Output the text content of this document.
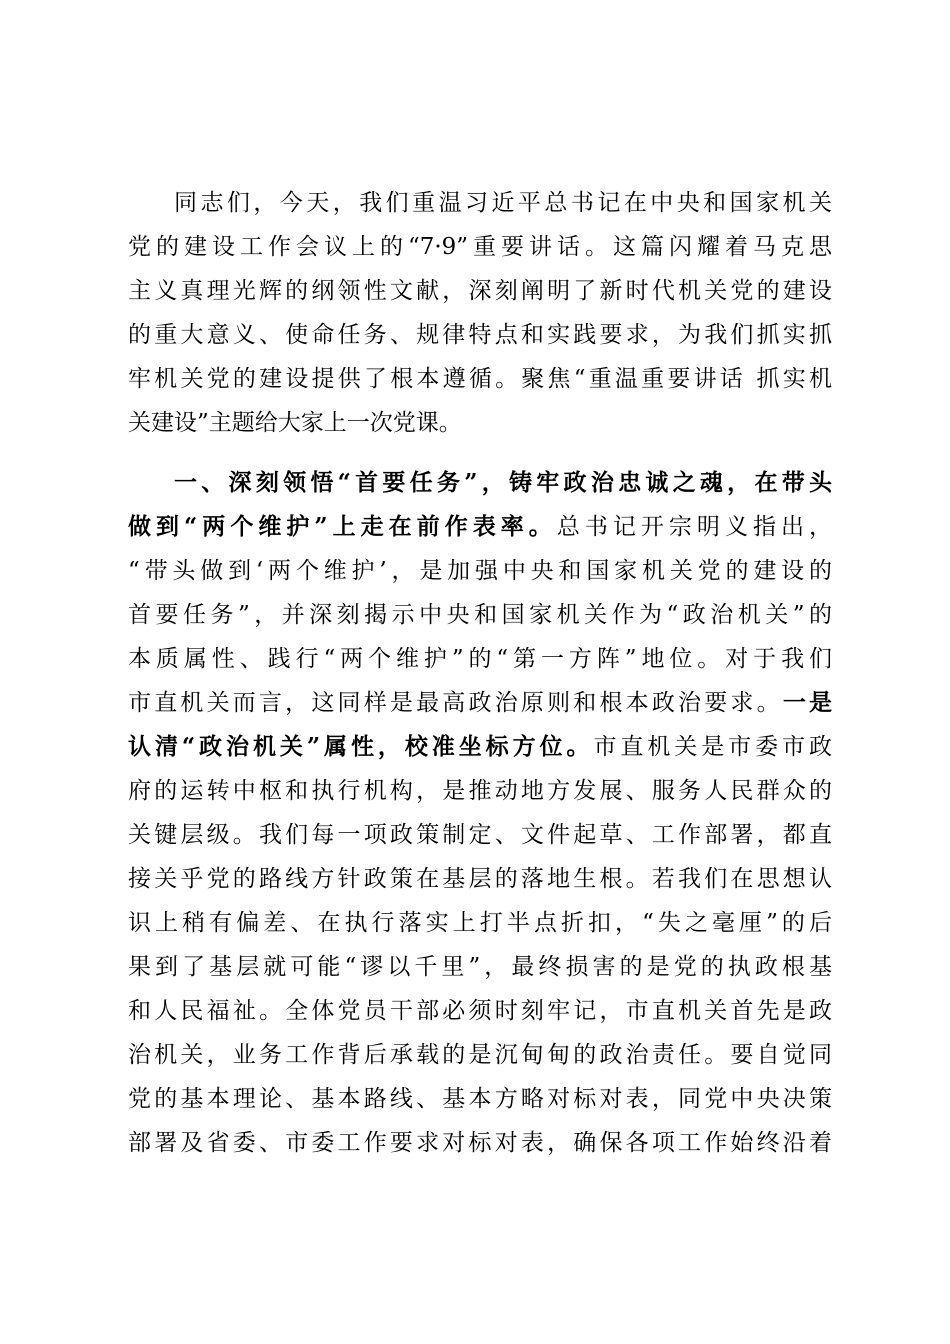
同志们，今天，我们重温习近平总书记在中央和国家机关
党的建设工作会议上的“7·9”重要讲话。这篇闪耀着马克思
主义真理光辉的纲领性文献，深刻阐明了新时代机关党的建设
的重大意义、使命任务、规律特点和实践要求，为我们抓实抓
牢机关党的建设提供了根本遵循。聚焦“重温重要讲话 抓实机
关建设”主题给大家上一次党课。
一、深刻领悟“首要任务”，铸牢政治忠诚之魂，在带头
做到“两个维护”上走在前作表率。总书记开宗明义指出，
“带头做到‘两个维护’，是加强中央和国家机关党的建设的
首要任务”，并深刻揭示中央和国家机关作为“政治机关”的
本质属性、践行“两个维护”的“第一方阵”地位。对于我们
市直机关而言，这同样是最高政治原则和根本政治要求。一是
认清“政治机关”属性，校准坐标方位。市直机关是市委市政
府的运转中枢和执行机构，是推动地方发展、服务人民群众的
关键层级。我们每一项政策制定、文件起草、工作部署，都直
接关乎党的路线方针政策在基层的落地生根。若我们在思想认
识上稍有偏差、在执行落实上打半点折扣，“失之毫厘”的后
果到了基层就可能“谬以千里”，最终损害的是党的执政根基
和人民福祉。全体党员干部必须时刻牢记，市直机关首先是政
治机关，业务工作背后承载的是沉甸甸的政治责任。要自觉同
党的基本理论、基本路线、基本方略对标对表，同党中央决策
部署及省委、市委工作要求对标对表，确保各项工作始终沿着
